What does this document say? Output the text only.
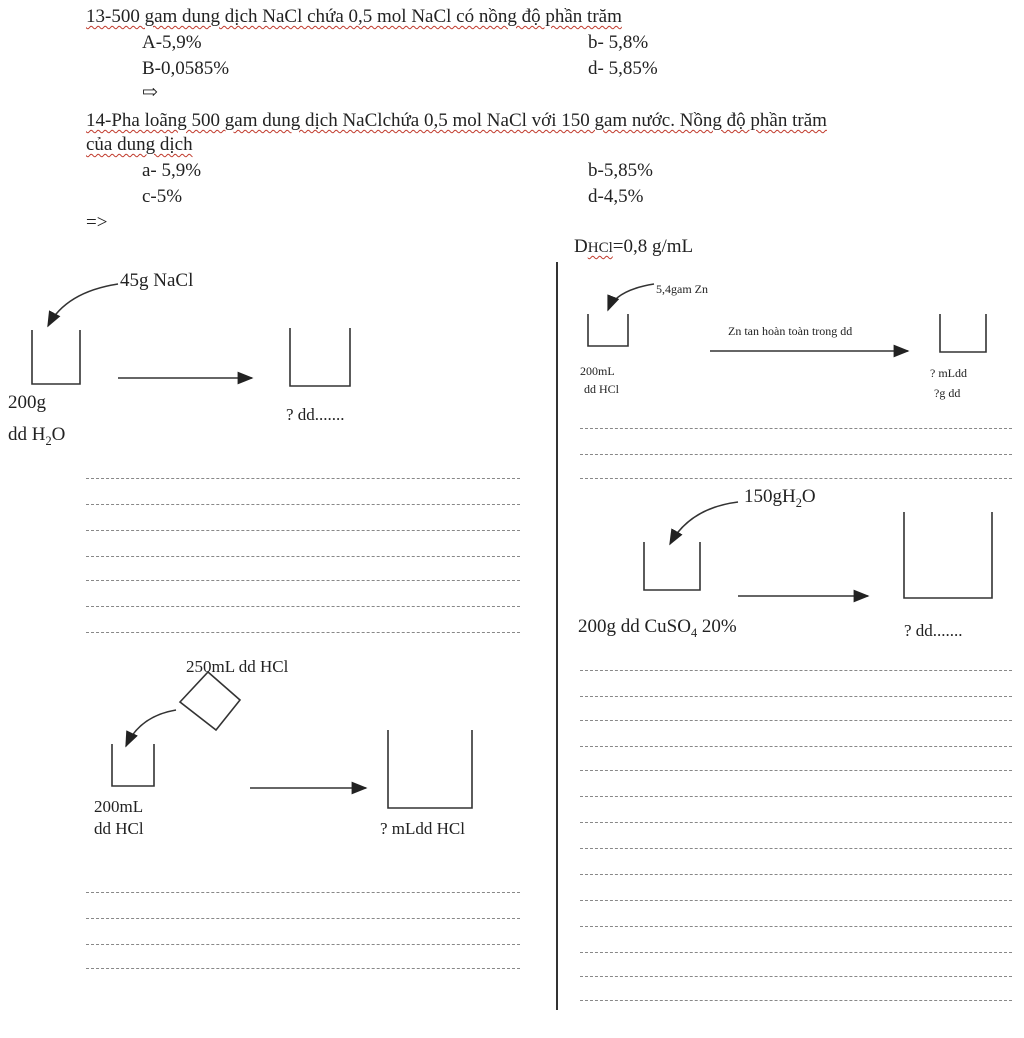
13-500 gam dung dịch NaCl chứa 0,5 mol NaCl có nồng độ phần trăm
A-5,9%	b- 5,8%
B-0,0585%	d- 5,85%
⇨
14-Pha loãng 500 gam dung dịch NaClchứa 0,5 mol NaCl với 150 gam nước. Nồng độ phần trăm
của dung dịch
a- 5,9%	b-5,85%
c-5%	d-4,5%
=>
DHCl=0,8 g/mL
45g NaCl
200g
dd $H_2O$
? dd.......
5,4gam Zn
200mL
dd HCl
Zn tan hoàn toàn trong dd
? mLdd
?g dd
$150gH_2O$
200g dd CuSO$_4$ 20%	? dd.......
250mL dd HCl
200mL
dd HCl	? mLdd HCl
